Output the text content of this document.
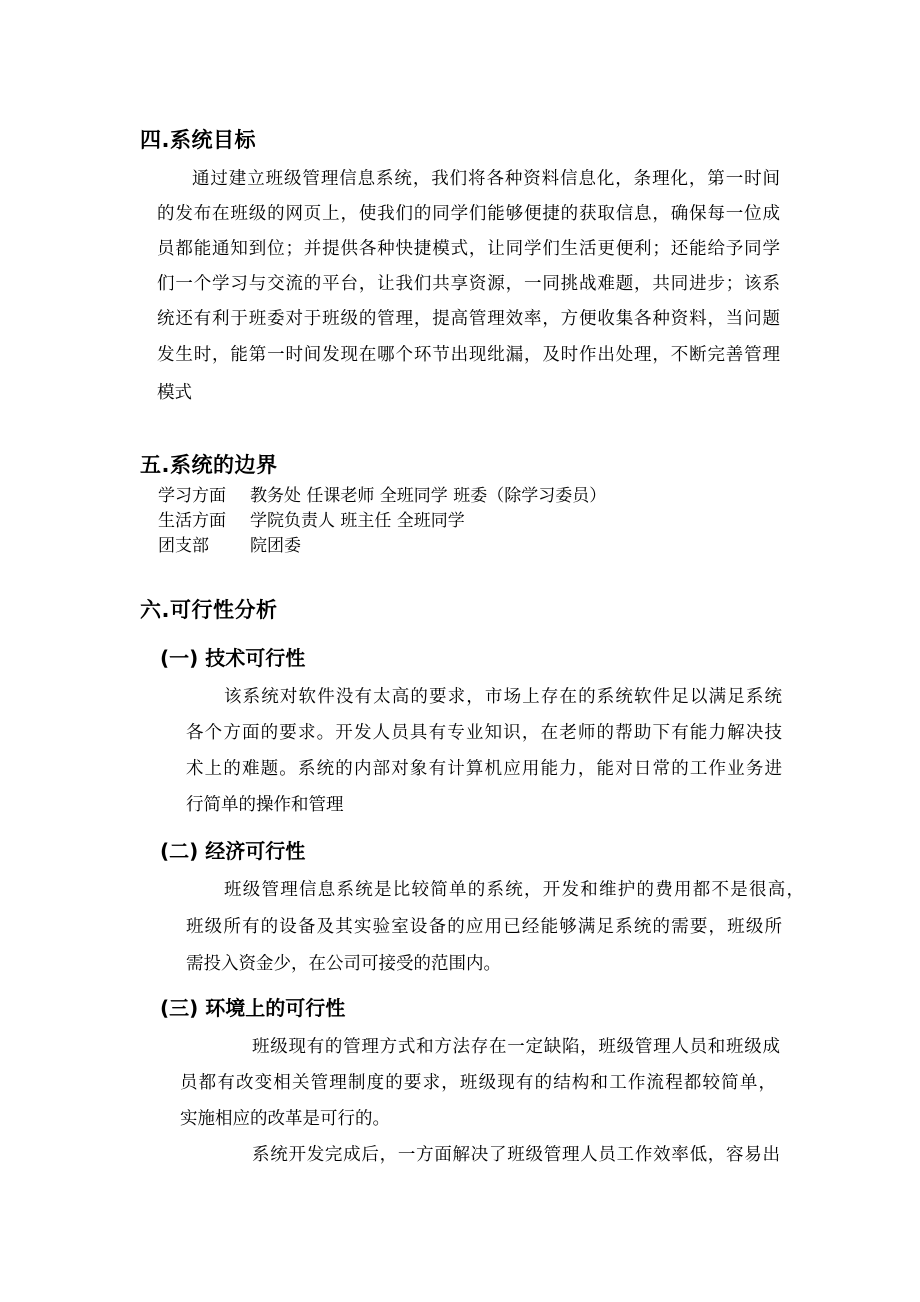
四.系统目标
通过建立班级管理信息系统，我们将各种资料信息化，条理化，第一时间
的发布在班级的网页上，使我们的同学们能够便捷的获取信息，确保每一位成
员都能通知到位；并提供各种快捷模式，让同学们生活更便利；还能给予同学
们一个学习与交流的平台，让我们共享资源，一同挑战难题，共同进步；该系
统还有利于班委对于班级的管理，提高管理效率，方便收集各种资料，当问题
发生时，能第一时间发现在哪个环节出现纰漏，及时作出处理，不断完善管理
模式
五.系统的边界
学习方面 教务处 任课老师 全班同学 班委（除学习委员）
生活方面 学院负责人 班主任 全班同学
团支部 院团委
六.可行性分析
(一) 技术可行性
该系统对软件没有太高的要求，市场上存在的系统软件足以满足系统
各个方面的要求。开发人员具有专业知识，在老师的帮助下有能力解决技
术上的难题。系统的内部对象有计算机应用能力，能对日常的工作业务进
行简单的操作和管理
(二) 经济可行性
班级管理信息系统是比较简单的系统，开发和维护的费用都不是很高，
班级所有的设备及其实验室设备的应用已经能够满足系统的需要，班级所
需投入资金少，在公司可接受的范围内。
(三) 环境上的可行性
班级现有的管理方式和方法存在一定缺陷，班级管理人员和班级成
员都有改变相关管理制度的要求，班级现有的结构和工作流程都较简单，
实施相应的改革是可行的。
系统开发完成后，一方面解决了班级管理人员工作效率低，容易出
